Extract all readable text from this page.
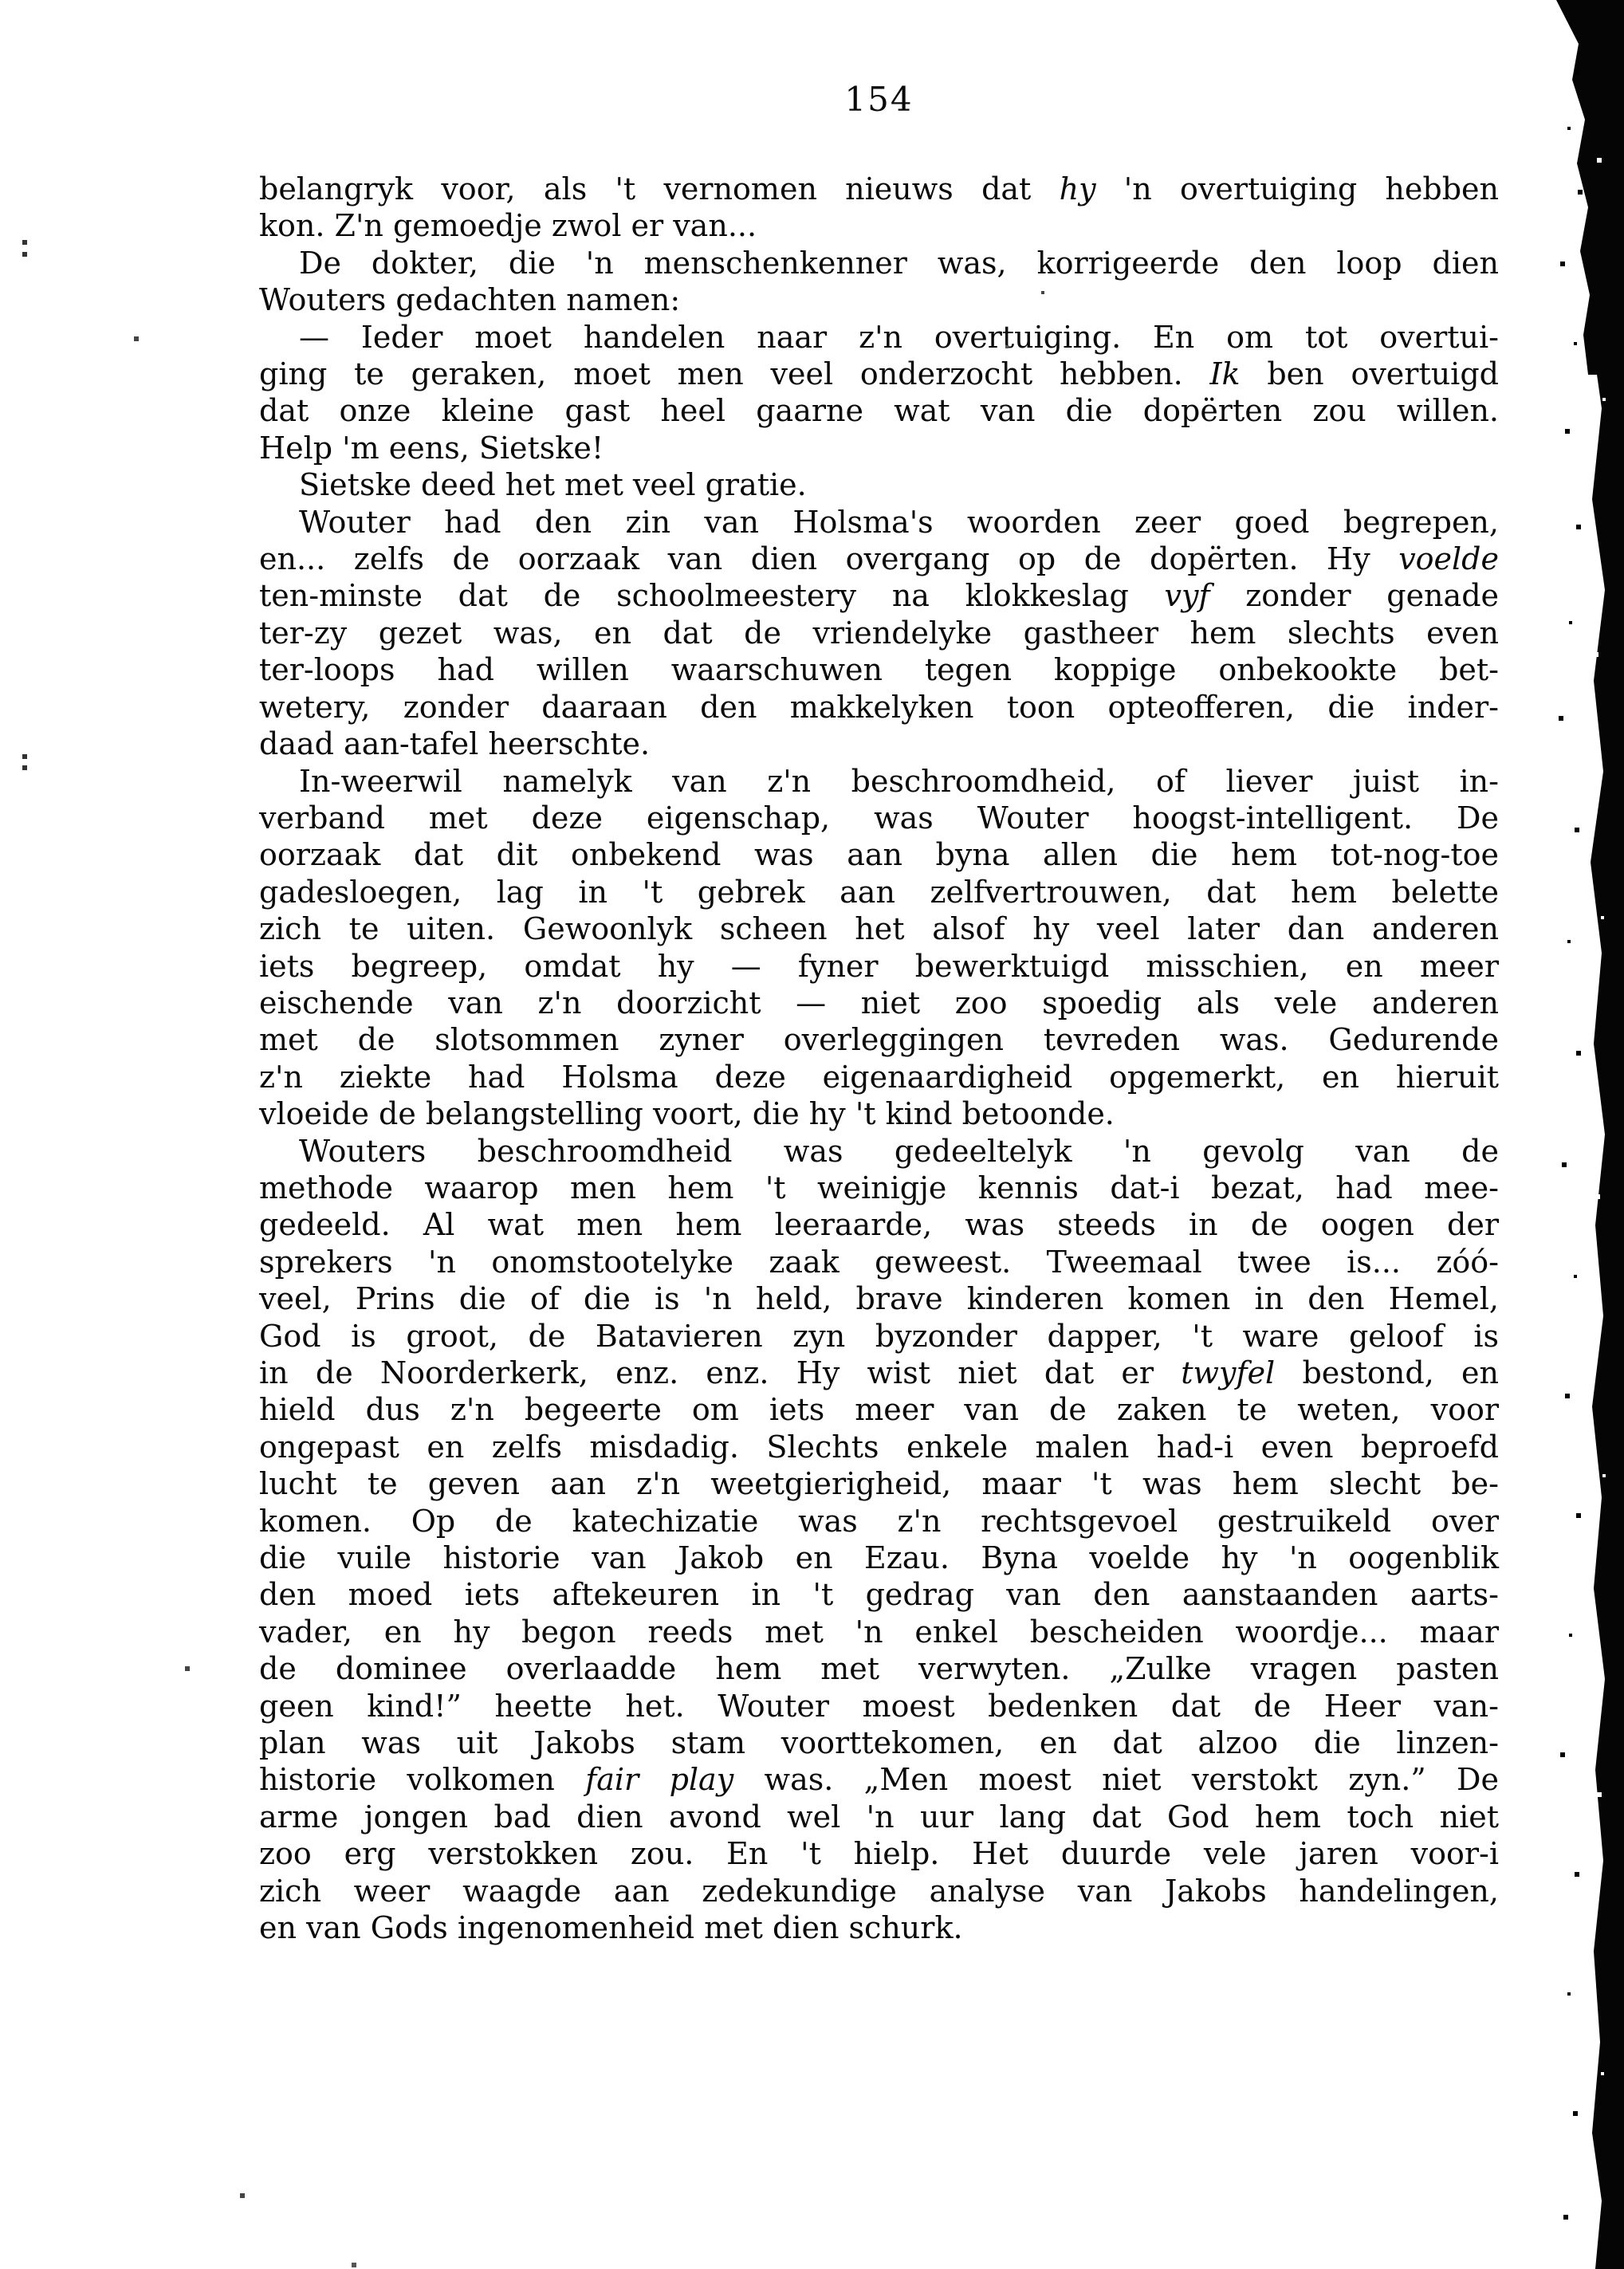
154
belangryk voor, als 't vernomen nieuws dat hy 'n overtuiging hebben
kon. Z'n gemoedje zwol er van...
De dokter, die 'n menschenkenner was, korrigeerde den loop dien
Wouters gedachten namen:
— Ieder moet handelen naar z'n overtuiging. En om tot overtui-
ging te geraken, moet men veel onderzocht hebben. Ik ben overtuigd
dat onze kleine gast heel gaarne wat van die dopërten zou willen.
Help 'm eens, Sietske!
Sietske deed het met veel gratie.
Wouter had den zin van Holsma's woorden zeer goed begrepen,
en... zelfs de oorzaak van dien overgang op de dopërten. Hy voelde
ten-minste dat de schoolmeestery na klokkeslag vyf zonder genade
ter-zy gezet was, en dat de vriendelyke gastheer hem slechts even
ter-loops had willen waarschuwen tegen koppige onbekookte bet-
wetery, zonder daaraan den makkelyken toon opteofferen, die inder-
daad aan-tafel heerschte.
In-weerwil namelyk van z'n beschroomdheid, of liever juist in-
verband met deze eigenschap, was Wouter hoogst-intelligent. De
oorzaak dat dit onbekend was aan byna allen die hem tot-nog-toe
gadesloegen, lag in 't gebrek aan zelfvertrouwen, dat hem belette
zich te uiten. Gewoonlyk scheen het alsof hy veel later dan anderen
iets begreep, omdat hy — fyner bewerktuigd misschien, en meer
eischende van z'n doorzicht — niet zoo spoedig als vele anderen
met de slotsommen zyner overleggingen tevreden was. Gedurende
z'n ziekte had Holsma deze eigenaardigheid opgemerkt, en hieruit
vloeide de belangstelling voort, die hy 't kind betoonde.
Wouters beschroomdheid was gedeeltelyk 'n gevolg van de
methode waarop men hem 't weinigje kennis dat-i bezat, had mee-
gedeeld. Al wat men hem leeraarde, was steeds in de oogen der
sprekers 'n onomstootelyke zaak geweest. Tweemaal twee is... zóó-
veel, Prins die of die is 'n held, brave kinderen komen in den Hemel,
God is groot, de Batavieren zyn byzonder dapper, 't ware geloof is
in de Noorderkerk, enz. enz. Hy wist niet dat er twyfel bestond, en
hield dus z'n begeerte om iets meer van de zaken te weten, voor
ongepast en zelfs misdadig. Slechts enkele malen had-i even beproefd
lucht te geven aan z'n weetgierigheid, maar 't was hem slecht be-
komen. Op de katechizatie was z'n rechtsgevoel gestruikeld over
die vuile historie van Jakob en Ezau. Byna voelde hy 'n oogenblik
den moed iets aftekeuren in 't gedrag van den aanstaanden aarts-
vader, en hy begon reeds met 'n enkel bescheiden woordje... maar
de dominee overlaadde hem met verwyten. „Zulke vragen pasten
geen kind!” heette het. Wouter moest bedenken dat de Heer van-
plan was uit Jakobs stam voorttekomen, en dat alzoo die linzen-
historie volkomen fair play was. „Men moest niet verstokt zyn.” De
arme jongen bad dien avond wel 'n uur lang dat God hem toch niet
zoo erg verstokken zou. En 't hielp. Het duurde vele jaren voor-i
zich weer waagde aan zedekundige analyse van Jakobs handelingen,
en van Gods ingenomenheid met dien schurk.
